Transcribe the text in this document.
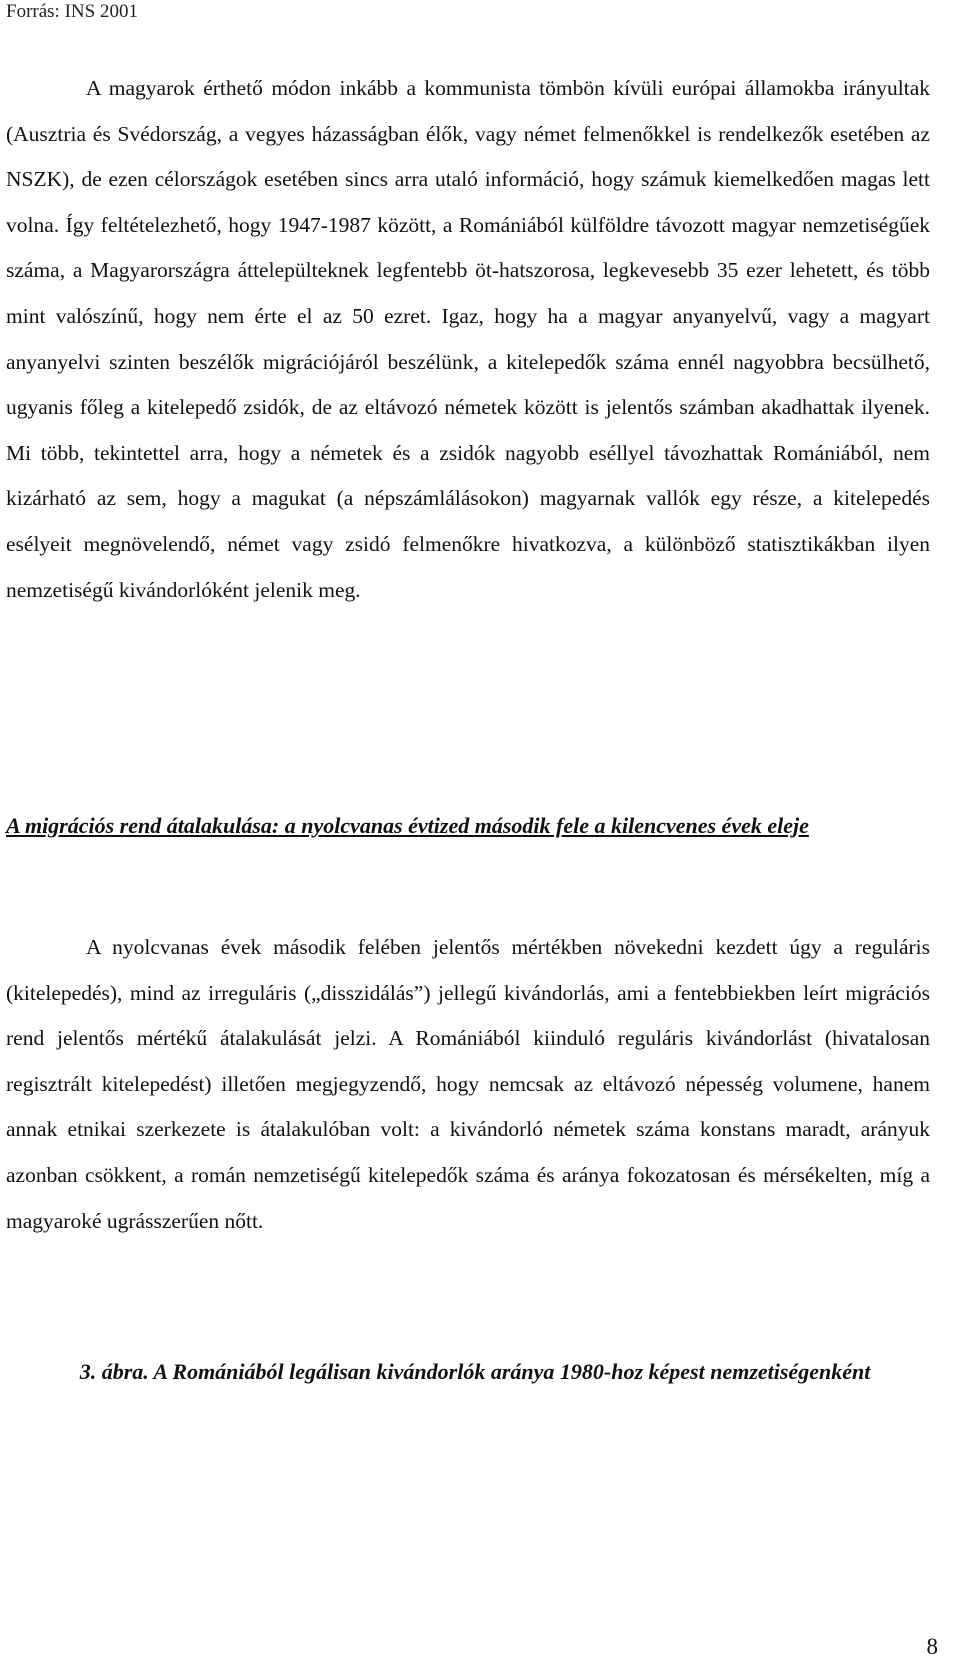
Forrás: INS 2001

A magyarok érthető módon inkább a kommunista tömbön kívüli európai államokba irányultak (Ausztria és Svédország, a vegyes házasságban élők, vagy német felmenőkkel is rendelkezők esetében az NSZK), de ezen célországok esetében sincs arra utaló információ, hogy számuk kiemelkedően magas lett volna. Így feltételezhető, hogy 1947-1987 között, a Romániából külföldre távozott magyar nemzetiségűek száma, a Magyarországra áttelepülteknek legfentebb öt-hatszorosa, legkevesebb 35 ezer lehetett, és több mint valószínű, hogy nem érte el az 50 ezret. Igaz, hogy ha a magyar anyanyelvű, vagy a magyart anyanyelvi szinten beszélők migrációjáról beszélünk, a kitelepedők száma ennél nagyobbra becsülhető, ugyanis főleg a kitelepedő zsidók, de az eltávozó németek között is jelentős számban akadhattak ilyenek. Mi több, tekintettel arra, hogy a németek és a zsidók nagyobb eséllyel távozhattak Romániából, nem kizárható az sem, hogy a magukat (a népszámlálásokon) magyarnak vallók egy része, a kitelepedés esélyeit megnövelendő, német vagy zsidó felmenőkre hivatkozva, a különböző statisztikákban ilyen nemzetiségű kivándorlóként jelenik meg.

A migrációs rend átalakulása: a nyolcvanas évtized második fele a kilencvenes évek eleje

A nyolcvanas évek második felében jelentős mértékben növekedni kezdett úgy a reguláris (kitelepedés), mind az irreguláris („disszidálás”) jellegű kivándorlás, ami a fentebbiekben leírt migrációs rend jelentős mértékű átalakulását jelzi. A Romániából kiinduló reguláris kivándorlást (hivatalosan regisztrált kitelepedést) illetően megjegyzendő, hogy nemcsak az eltávozó népesség volumene, hanem annak etnikai szerkezete is átalakulóban volt: a kivándorló németek száma konstans maradt, arányuk azonban csökkent, a román nemzetiségű kitelepedők száma és aránya fokozatosan és mérsékelten, míg a magyaroké ugrásszerűen nőtt.

3. ábra. A Romániából legálisan kivándorlók aránya 1980-hoz képest nemzetiségenként

8
